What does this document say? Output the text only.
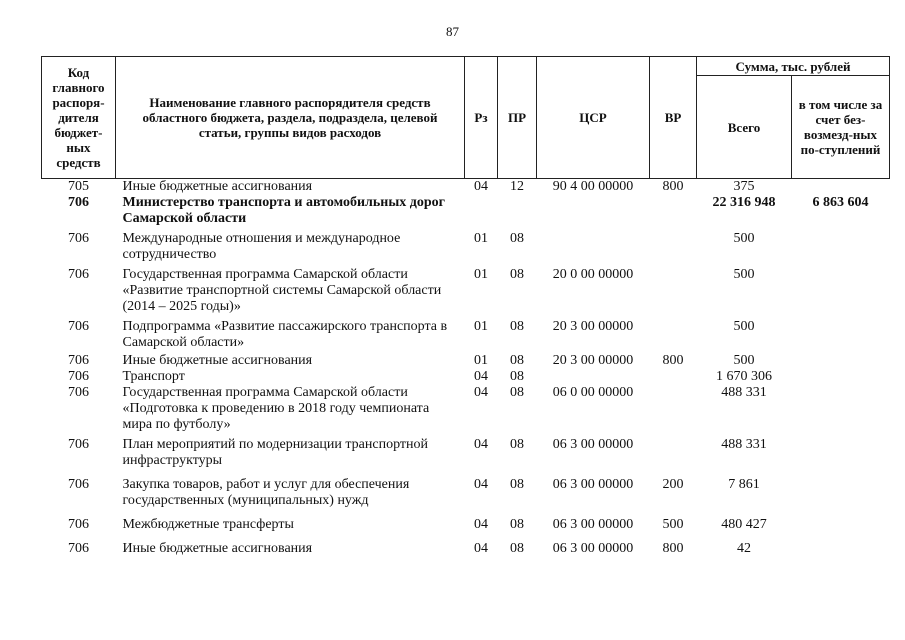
87
Код главного распоря-дителя бюджет-ных средств	Наименование главного распорядителя средств областного бюджета, раздела, подраздела, целевой статьи, группы видов расходов	Рз	ПР	ЦСР	ВР	Сумма, тыс. рублей	
						Всего	в том числе за счет без-возмезд-ных по-ступлений
705	Иные бюджетные ассигнования	04	12	90 4 00 00000	800	375	
706	Министерство транспорта и автомобильных дорог Самарской области					22 316 948	6 863 604
706	Международные отношения и международное сотрудничество	01	08			500	
706	Государственная программа Самарской области «Развитие транспортной системы Самарской области (2014 – 2025 годы)»	01	08	20 0 00 00000		500	
706	Подпрограмма «Развитие пассажирского транспорта в Самарской области»	01	08	20 3 00 00000		500	
706	Иные бюджетные ассигнования	01	08	20 3 00 00000	800	500	
706	Транспорт	04	08			1 670 306	
706	Государственная программа Самарской области «Подготовка к проведению в 2018 году чемпионата мира по футболу»	04	08	06 0 00 00000		488 331	
706	План мероприятий по модернизации транспортной инфраструктуры	04	08	06 3 00 00000		488 331	
706	Закупка товаров, работ и услуг для обеспечения государственных (муниципальных) нужд	04	08	06 3 00 00000	200	7 861	
706	Межбюджетные трансферты	04	08	06 3 00 00000	500	480 427	
706	Иные бюджетные ассигнования	04	08	06 3 00 00000	800	42	
